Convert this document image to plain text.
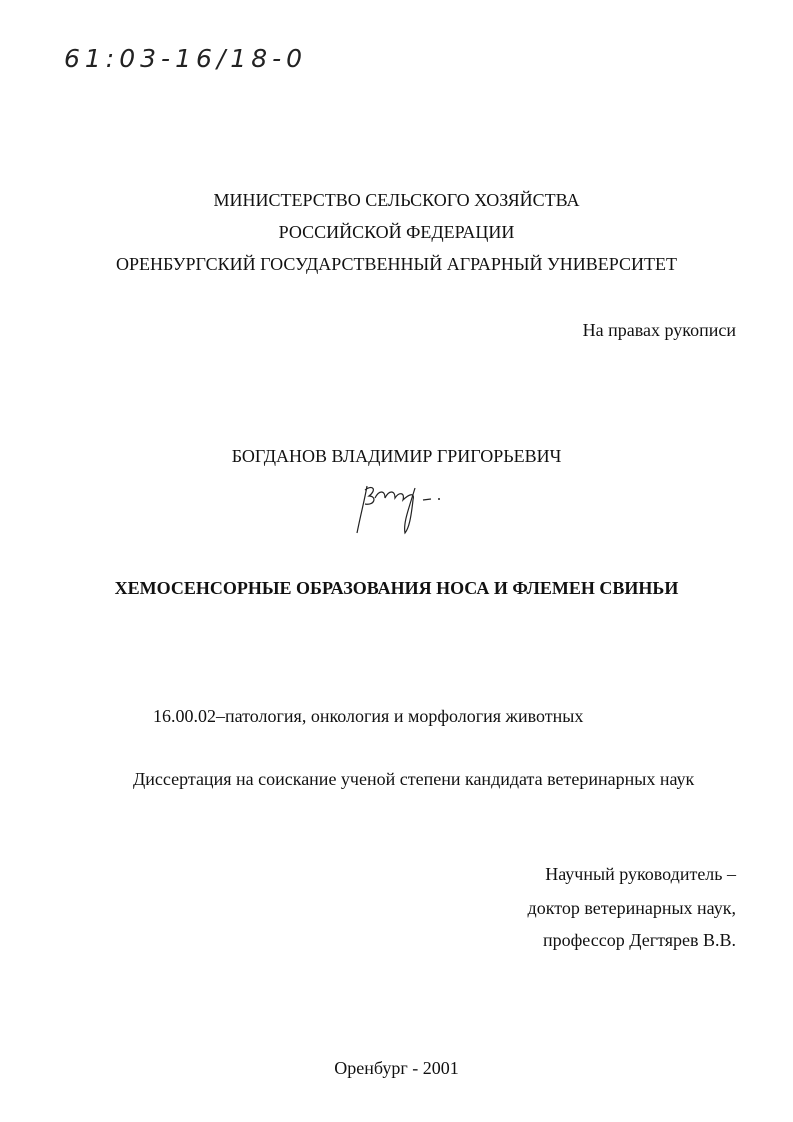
61:03-16/18-0
МИНИСТЕРСТВО СЕЛЬСКОГО ХОЗЯЙСТВА
РОССИЙСКОЙ ФЕДЕРАЦИИ
ОРЕНБУРГСКИЙ ГОСУДАРСТВЕННЫЙ АГРАРНЫЙ УНИВЕРСИТЕТ
На правах рукописи
БОГДАНОВ ВЛАДИМИР ГРИГОРЬЕВИЧ
ХЕМОСЕНСОРНЫЕ ОБРАЗОВАНИЯ НОСА И ФЛЕМЕН СВИНЬИ
16.00.02–патология, онкология и морфология животных
Диссертация на соискание ученой степени кандидата ветеринарных наук
Научный руководитель –
доктор ветеринарных наук,
профессор Дегтярев В.В.
Оренбург - 2001
